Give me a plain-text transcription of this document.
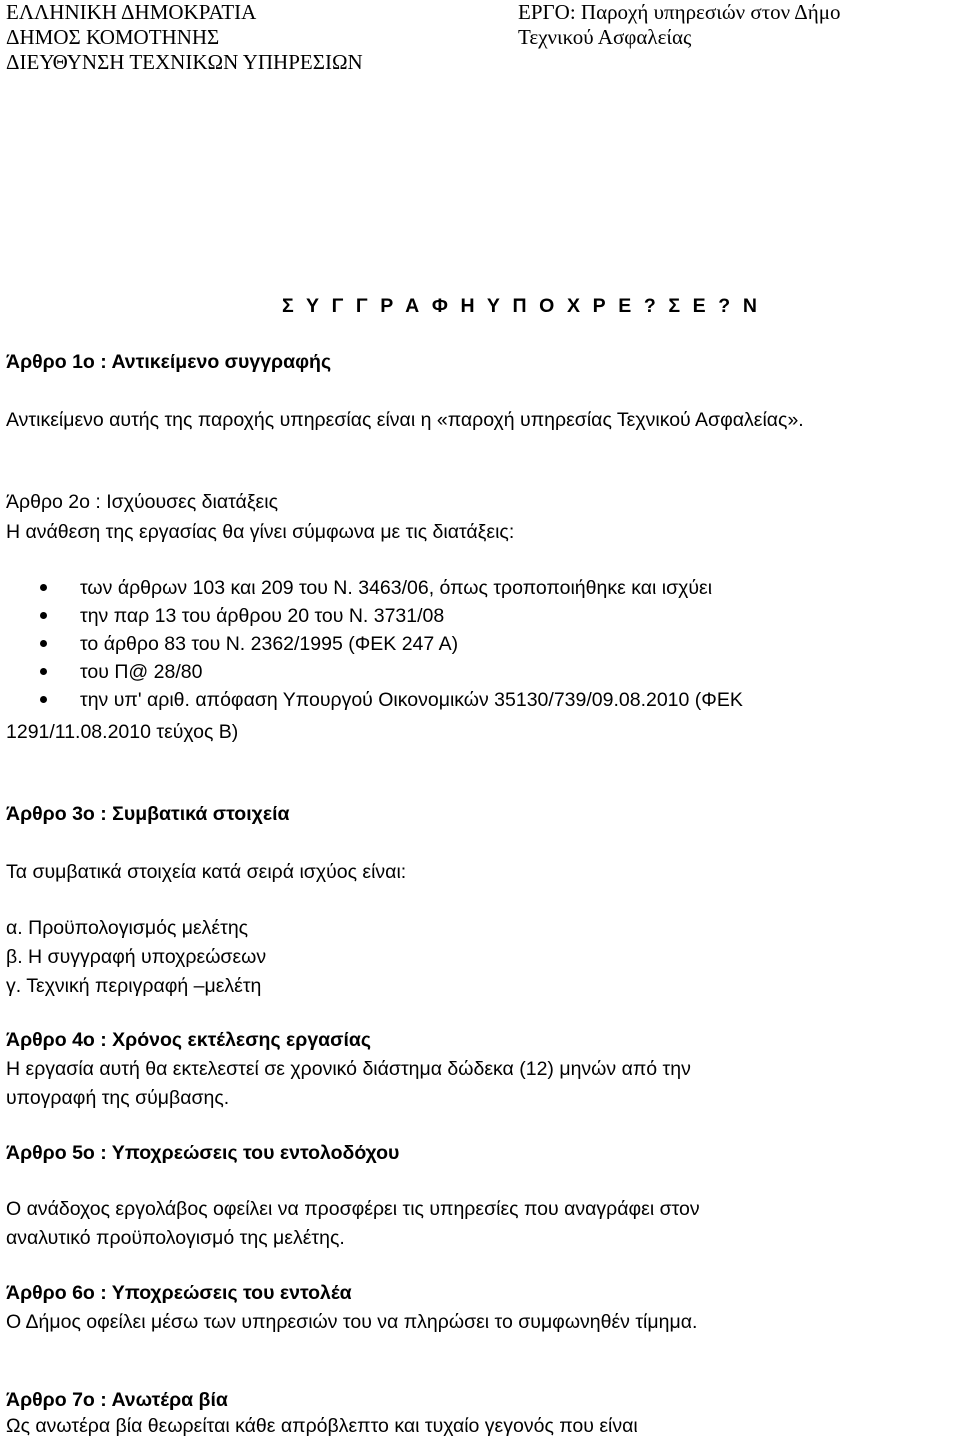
ΕΛΛΗΝΙΚΗ ΔΗΜΟΚΡΑΤΙΑ
ΔΗΜΟΣ ΚΟΜΟΤΗΝΗΣ
ΔΙΕΥΘΥΝΣΗ ΤΕΧΝΙΚΩΝ ΥΠΗΡΕΣΙΩΝ
ΕΡΓΟ: Παροχή υπηρεσιών στον Δήμο
Τεχνικού Ασφαλείας
Σ Υ Γ Γ Ρ Α Φ Η Υ Π Ο Χ Ρ Ε ? Σ Ε ? Ν
Άρθρο 1ο : Αντικείμενο συγγραφής
Αντικείμενο αυτής της παροχής υπηρεσίας είναι η «παροχή υπηρεσίας Τεχνικού Ασφαλείας».
Άρθρο 2ο : Ισχύουσες διατάξεις
Η ανάθεση της εργασίας θα γίνει σύμφωνα με τις διατάξεις:
των άρθρων 103 και 209 του Ν. 3463/06, όπως τροποποιήθηκε και ισχύει
την παρ 13 του άρθρου 20 του Ν. 3731/08
το άρθρο 83 του Ν. 2362/1995 (ΦΕΚ 247 Α)
του Π@ 28/80
την υπ' αριθ. απόφαση Υπουργού Οικονομικών 35130/739/09.08.2010 (ΦΕΚ
1291/11.08.2010 τεύχος Β)
Άρθρο 3ο : Συμβατικά στοιχεία
Τα συμβατικά στοιχεία κατά σειρά ισχύος είναι:
α. Προϋπολογισμός μελέτης
β. Η συγγραφή υποχρεώσεων
γ. Τεχνική περιγραφή –μελέτη
Άρθρο 4ο : Χρόνος εκτέλεσης εργασίας
Η εργασία αυτή θα εκτελεστεί σε χρονικό διάστημα δώδεκα (12) μηνών από την
υπογραφή της σύμβασης.
Άρθρο 5ο : Υποχρεώσεις του εντολοδόχου
Ο ανάδοχος εργολάβος οφείλει να προσφέρει τις υπηρεσίες που αναγράφει στον
αναλυτικό προϋπολογισμό της μελέτης.
Άρθρο 6ο : Υποχρεώσεις του εντολέα
Ο Δήμος οφείλει μέσω των υπηρεσιών του να πληρώσει το συμφωνηθέν τίμημα.
Άρθρο 7ο : Ανωτέρα βία
Ως ανωτέρα βία θεωρείται κάθε απρόβλεπτο και τυχαίο γεγονός που είναι
